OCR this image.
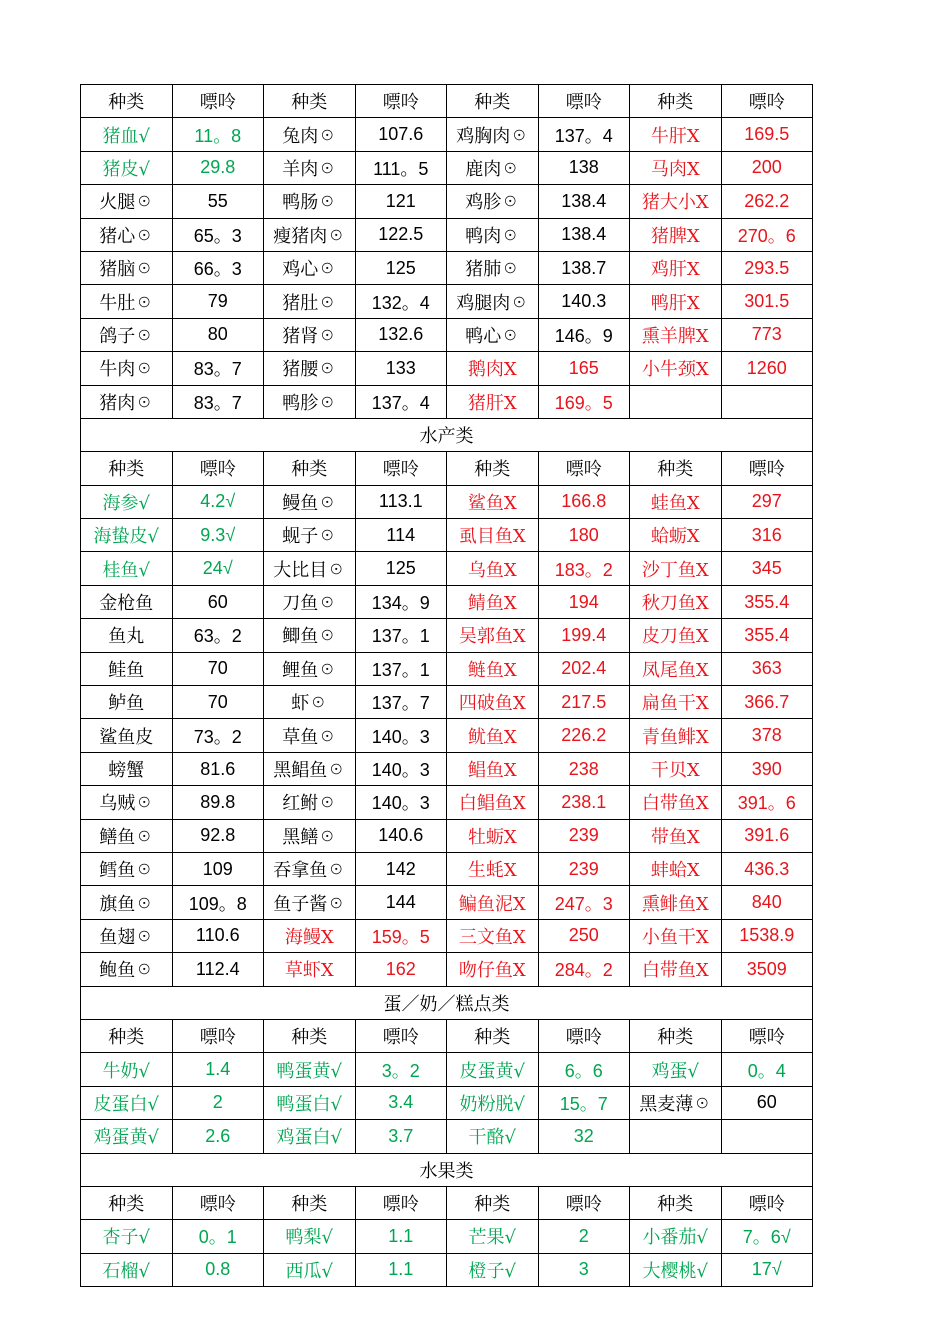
种类	嘌呤	种类	嘌呤	种类	嘌呤	种类	嘌呤
猪血√	11。8	兔肉☉	107.6	鸡胸肉☉	137。4	牛肝X	169.5
猪皮√	29.8	羊肉☉	111。5	鹿肉☉	138	马肉X	200
火腿☉	55	鸭肠☉	121	鸡胗☉	138.4	猪大小X	262.2
猪心☉	65。3	瘦猪肉☉	122.5	鸭肉☉	138.4	猪脾X	270。6
猪脑☉	66。3	鸡心☉	125	猪肺☉	138.7	鸡肝X	293.5
牛肚☉	79	猪肚☉	132。4	鸡腿肉☉	140.3	鸭肝X	301.5
鸽子☉	80	猪肾☉	132.6	鸭心☉	146。9	熏羊脾X	773
牛肉☉	83。7	猪腰☉	133	鹅肉X	165	小牛颈X	1260
猪肉☉	83。7	鸭胗☉	137。4	猪肝X	169。5		
水产类							
种类	嘌呤	种类	嘌呤	种类	嘌呤	种类	嘌呤
海参√	4.2√	鳗鱼☉	113.1	鲨鱼X	166.8	蛙鱼X	297
海蛰皮√	9.3√	蚬子☉	114	虱目鱼X	180	蛤蛎X	316
桂鱼√	24√	大比目☉	125	乌鱼X	183。2	沙丁鱼X	345
金枪鱼	60	刀鱼☉	134。9	鲭鱼X	194	秋刀鱼X	355.4
鱼丸	63。2	鲫鱼☉	137。1	吴郭鱼X	199.4	皮刀鱼X	355.4
鲑鱼	70	鲤鱼☉	137。1	鲢鱼X	202.4	凤尾鱼X	363
鲈鱼	70	虾☉	137。7	四破鱼X	217.5	扁鱼干X	366.7
鲨鱼皮	73。2	草鱼☉	140。3	鱿鱼X	226.2	青鱼鲱X	378
螃蟹	81.6	黑鲳鱼☉	140。3	鲳鱼X	238	干贝X	390
乌贼☉	89.8	红鲋☉	140。3	白鲳鱼X	238.1	白带鱼X	391。6
鳝鱼☉	92.8	黑鳝☉	140.6	牡蛎X	239	带鱼X	391.6
鳕鱼☉	109	吞拿鱼☉	142	生蚝X	239	蚌蛤X	436.3
旗鱼☉	109。8	鱼子酱☉	144	鳊鱼泥X	247。3	熏鲱鱼X	840
鱼翅☉	110.6	海鳗X	159。5	三文鱼X	250	小鱼干X	1538.9
鲍鱼☉	112.4	草虾X	162	吻仔鱼X	284。2	白带鱼X	3509
蛋／奶／糕点类							
种类	嘌呤	种类	嘌呤	种类	嘌呤	种类	嘌呤
牛奶√	1.4	鸭蛋黄√	3。2	皮蛋黄√	6。6	鸡蛋√	0。4
皮蛋白√	2	鸭蛋白√	3.4	奶粉脱√	15。7	黑麦薄☉	60
鸡蛋黄√	2.6	鸡蛋白√	3.7	干酪√	32		
水果类							
种类	嘌呤	种类	嘌呤	种类	嘌呤	种类	嘌呤
杏子√	0。1	鸭梨√	1.1	芒果√	2	小番茄√	7。6√
石榴√	0.8	西瓜√	1.1	橙子√	3	大樱桃√	17√
